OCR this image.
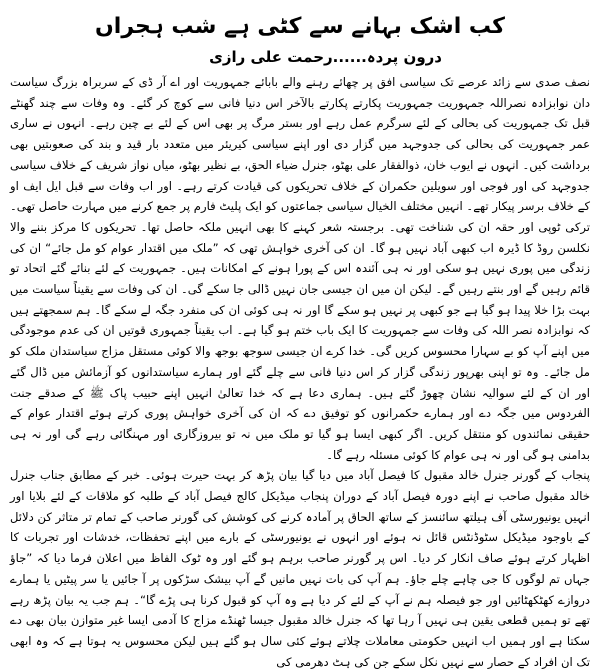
کب اشک بہانے سے کٹی ہے شب ہجراں
درون پردہ......رحمت علی رازی

نصف صدی سے زائد عرصے تک سیاسی افق پر چھائے رہنے والے بابائے جمہوریت اور اے آر ڈی کے سربراہ بزرگ سیاست دان نوابزادہ نصراللہ جمہوریت جمہوریت پکارتے پکارتے بالآخر اس دنیا فانی سے کوچ کر گئے۔ وہ وفات سے چند گھنٹے قبل تک جمہوریت کی بحالی کے لئے سرگرم عمل رہے اور بستر مرگ پر بھی اس کے لئے بے چین رہے۔ انہوں نے ساری عمر جمہوریت کی بحالی کی جدوجہد میں گزار دی اور اپنے سیاسی کیریئر میں متعدد بار قید و بند کی صعوبتیں بھی برداشت کیں۔ انہوں نے ایوب خان، ذوالفقار علی بھٹو، جنرل ضیاء الحق، بے نظیر بھٹو، میاں نواز شریف کے خلاف سیاسی جدوجہد کی اور فوجی اور سویلین حکمران کے خلاف تحریکوں کی قیادت کرتے رہے۔ اور اب وفات سے قبل ایل ایف او کے خلاف برسر پیکار تھے۔ انہیں مختلف الخیال سیاسی جماعتوں کو ایک پلیٹ فارم پر جمع کرنے میں مہارت حاصل تھی۔ ترکی ٹوپی اور حقہ ان کی شناخت تھی۔ برجستہ شعر کہنے کا بھی انہیں ملکہ حاصل تھا۔ تحریکوں کا مرکز بننے والا نکلسن روڈ کا ڈیرہ اب کبھی آباد نہیں ہو گا۔ ان کی آخری خواہش تھی کہ ”ملک میں اقتدار عوام کو مل جائے“ ان کی زندگی میں پوری نہیں ہو سکی اور نہ ہی آئندہ اس کے پورا ہونے کے امکانات ہیں۔ جمہوریت کے لئے بنائے گئے اتحاد تو قائم رہیں گے اور بنتے رہیں گے۔ لیکن ان میں ان جیسی جان نہیں ڈالی جا سکے گی۔ ان کی وفات سے یقیناً سیاست میں بہت بڑا خلا پیدا ہو گیا ہے جو کبھی پر نہیں ہو سکے گا اور نہ ہی کوئی ان کی منفرد جگہ لے سکے گا۔ ہم سمجھتے ہیں کہ نوابزادہ نصر اللہ کی وفات سے جمہوریت کا ایک باب ختم ہو گیا ہے۔ اب یقیناً جمہوری قوتیں ان کی عدم موجودگی میں اپنے آپ کو بے سہارا محسوس کریں گی۔ خدا کرے ان جیسی سوجھ بوجھ والا کوئی مستقل مزاج سیاستدان ملک کو مل جائے۔ وہ تو اپنی بھرپور زندگی گزار کر اس دنیا فانی سے چلے گئے اور ہمارے سیاستدانوں کو آزمائش میں ڈال گئے اور ان کے لئے سوالیہ نشان چھوڑ گئے ہیں۔ ہماری دعا ہے کہ خدا تعالیٰ انہیں اپنے حبیب پاک ﷺ کے صدقے جنت الفردوس میں جگہ دے اور ہمارے حکمرانوں کو توفیق دے کہ ان کی آخری خواہش پوری کرتے ہوئے اقتدار عوام کے حقیقی نمائندوں کو منتقل کریں۔ اگر کبھی ایسا ہو گیا تو ملک میں نہ تو بیروزگاری اور مہنگائی رہے گی اور نہ ہی بدامنی ہو گی اور نہ ہی عوام کا کوئی مسئلہ رہے گا۔

پنجاب کے گورنر جنرل خالد مقبول کا فیصل آباد میں دیا گیا بیان پڑھ کر بہت حیرت ہوئی۔ خبر کے مطابق جناب جنرل خالد مقبول صاحب نے اپنے دورہ فیصل آباد کے دوران پنجاب میڈیکل کالج فیصل آباد کے طلبہ کو ملاقات کے لئے بلایا اور انہیں یونیورسٹی آف ہیلتھ سائنسز کے ساتھ الحاق پر آمادہ کرنے کی کوشش کی گورنر صاحب کے تمام تر متاثر کن دلائل کے باوجود میڈیکل سٹوڈنٹس قائل نہ ہوئے اور انہوں نے یونیورسٹی کے بارے میں اپنے تحفظات، خدشات اور تجربات کا اظہار کرتے ہوئے صاف انکار کر دیا۔ اس پر گورنر صاحب برہم ہو گئے اور وہ ٹوک الفاظ میں اعلان فرما دیا کہ ”جاؤ جہاں تم لوگوں کا جی چاہے چلے جاؤ۔ ہم آپ کی بات نہیں مانیں گے آپ بیشک سڑکوں پر آ جائیں یا سر پیٹیں یا ہمارے دروازے کھٹکھٹائیں اور جو فیصلہ ہم نے آپ کے لئے کر دیا ہے وہ آپ کو قبول کرنا ہی پڑے گا“۔ ہم جب یہ بیان پڑھ رہے تھے تو ہمیں قطعی یقین ہی نہیں آ رہا تھا کہ جنرل خالد مقبول جیسا ٹھنڈے مزاج کا آدمی ایسا غیر متوازن بیان بھی دے سکتا ہے اور ہمیں اب انہیں حکومتی معاملات چلاتے ہوئے کئی سال ہو گئے ہیں لیکن محسوس یہ ہوتا ہے کہ وہ ابھی تک ان افراد کے حصار سے نہیں نکل سکے جن کی ہٹ دھرمی کی
